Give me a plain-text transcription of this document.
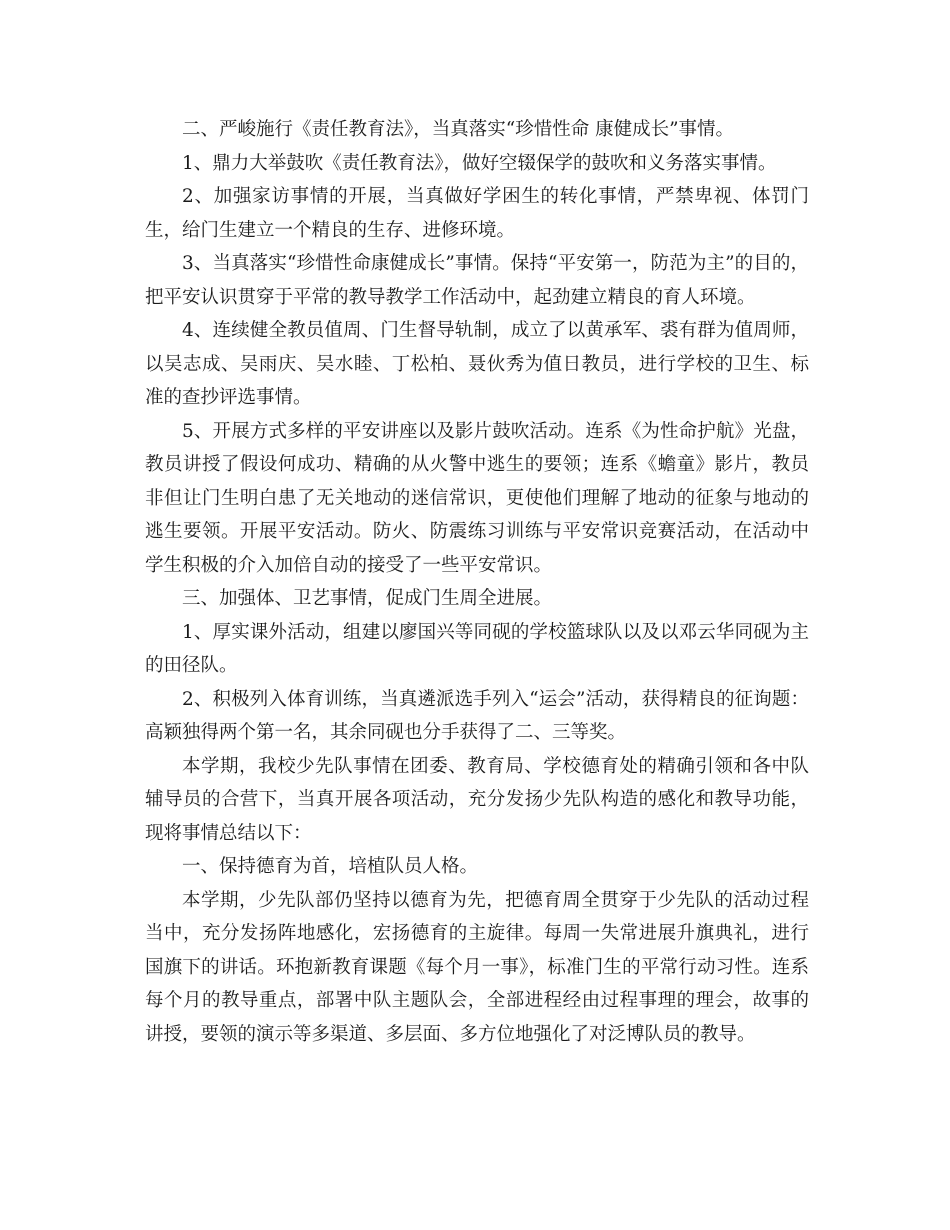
二、严峻施行《责任教育法》，当真落实“珍惜性命 康健成长”事情。

1、鼎力大举鼓吹《责任教育法》，做好空辍保学的鼓吹和义务落实事情。

2、加强家访事情的开展，当真做好学困生的转化事情，严禁卑视、体罚门生，给门生建立一个精良的生存、进修环境。

3、当真落实“珍惜性命康健成长”事情。保持“平安第一，防范为主”的目的，把平安认识贯穿于平常的教导教学工作活动中，起劲建立精良的育人环境。

4、连续健全教员值周、门生督导轨制，成立了以黄承军、裘有群为值周师，以吴志成、吴雨庆、吴水睦、丁松柏、聂伙秀为值日教员，进行学校的卫生、标准的查抄评选事情。

5、开展方式多样的平安讲座以及影片鼓吹活动。连系《为性命护航》光盘，教员讲授了假设何成功、精确的从火警中逃生的要领；连系《蟾童》影片，教员非但让门生明白患了无关地动的迷信常识，更使他们理解了地动的征象与地动的逃生要领。开展平安活动。防火、防震练习训练与平安常识竞赛活动，在活动中学生积极的介入加倍自动的接受了一些平安常识。

三、加强体、卫艺事情，促成门生周全进展。

1、厚实课外活动，组建以廖国兴等同砚的学校篮球队以及以邓云华同砚为主的田径队。

2、积极列入体育训练，当真遴派选手列入“运会”活动，获得精良的征询题：高颖独得两个第一名，其余同砚也分手获得了二、三等奖。

本学期，我校少先队事情在团委、教育局、学校德育处的精确引领和各中队辅导员的合营下，当真开展各项活动，充分发扬少先队构造的感化和教导功能，现将事情总结以下：

一、保持德育为首，培植队员人格。

本学期，少先队部仍坚持以德育为先，把德育周全贯穿于少先队的活动过程当中，充分发扬阵地感化，宏扬德育的主旋律。每周一失常进展升旗典礼，进行国旗下的讲话。环抱新教育课题《每个月一事》，标准门生的平常行动习性。连系每个月的教导重点，部署中队主题队会，全部进程经由过程事理的理会，故事的讲授，要领的演示等多渠道、多层面、多方位地强化了对泛博队员的教导。
